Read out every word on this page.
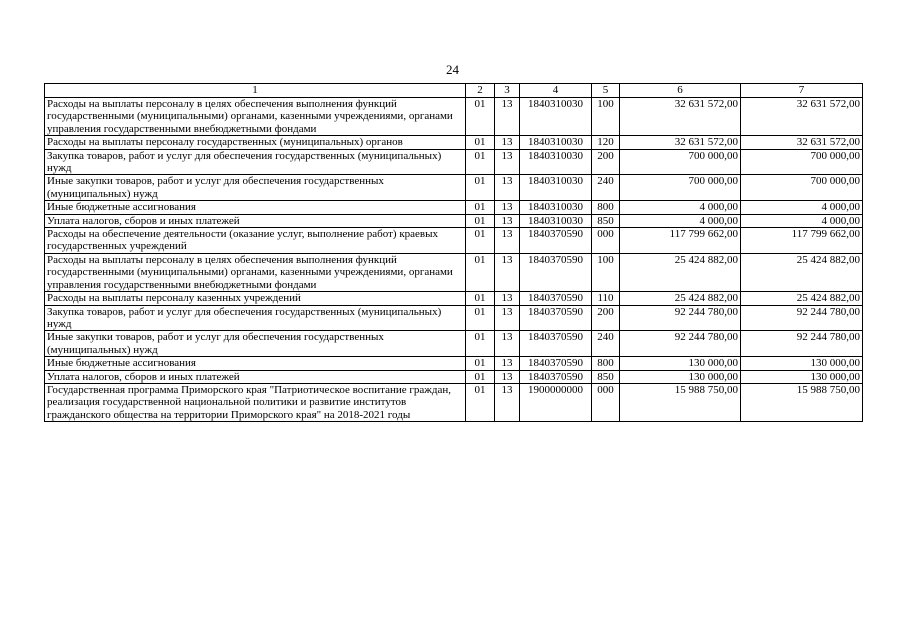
24
1	2	3	4	5	6	7
Расходы на выплаты персоналу в целях обеспечения выполнения функций государственными (муниципальными) органами, казенными учреждениями, органами управления государственными внебюджетными фондами	01	13	1840310030	100	32 631 572,00	32 631 572,00
Расходы на выплаты персоналу государственных (муниципальных) органов	01	13	1840310030	120	32 631 572,00	32 631 572,00
Закупка товаров, работ и услуг для обеспечения государственных (муниципальных) нужд	01	13	1840310030	200	700 000,00	700 000,00
Иные закупки товаров, работ и услуг для обеспечения государственных (муниципальных) нужд	01	13	1840310030	240	700 000,00	700 000,00
Иные бюджетные ассигнования	01	13	1840310030	800	4 000,00	4 000,00
Уплата налогов, сборов и иных платежей	01	13	1840310030	850	4 000,00	4 000,00
Расходы на обеспечение деятельности (оказание услуг, выполнение работ) краевых государственных учреждений	01	13	1840370590	000	117 799 662,00	117 799 662,00
Расходы на выплаты персоналу в целях обеспечения выполнения функций государственными (муниципальными) органами, казенными учреждениями, органами управления государственными внебюджетными фондами	01	13	1840370590	100	25 424 882,00	25 424 882,00
Расходы на выплаты персоналу казенных учреждений	01	13	1840370590	110	25 424 882,00	25 424 882,00
Закупка товаров, работ и услуг для обеспечения государственных (муниципальных) нужд	01	13	1840370590	200	92 244 780,00	92 244 780,00
Иные закупки товаров, работ и услуг для обеспечения государственных (муниципальных) нужд	01	13	1840370590	240	92 244 780,00	92 244 780,00
Иные бюджетные ассигнования	01	13	1840370590	800	130 000,00	130 000,00
Уплата налогов, сборов и иных платежей	01	13	1840370590	850	130 000,00	130 000,00
Государственная программа Приморского края "Патриотическое воспитание граждан, реализация государственной национальной политики и развитие институтов гражданского общества на территории Приморского края" на 2018-2021 годы	01	13	1900000000	000	15 988 750,00	15 988 750,00
